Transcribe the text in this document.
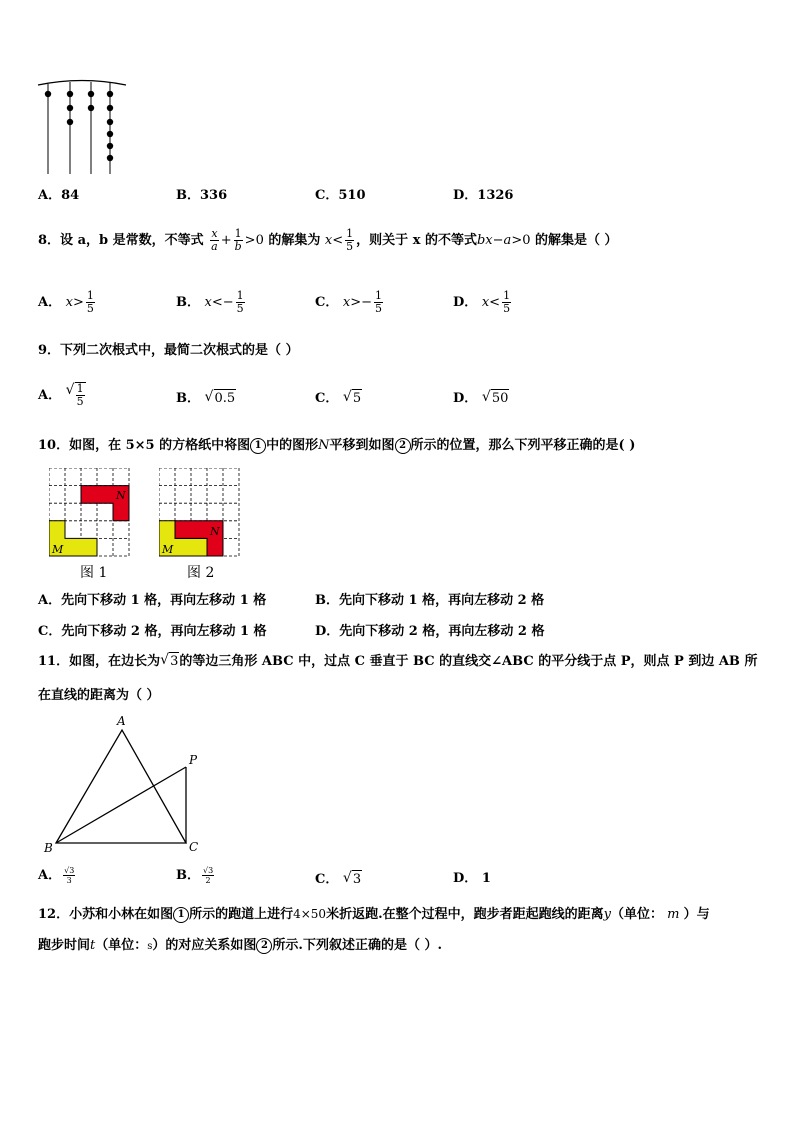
A．84	B．336	C．510	D．1326
8．设 a，b 是常数，不等式 $\frac{x}{a} + \frac{1}{b} >0$ 的解集为 $x< \frac{1}{5}$ ，则关于 x 的不等式bx−a>0 的解集是（ ）
A． $x> \frac{1}{5}$	B． $x<- \frac{1}{5}$	C． $x>- \frac{1}{5}$	D． $x< \frac{1}{5}$
9．下列二次根式中，最简二次根式的是（ ）
A． √ $\frac{1}{5}$	B． √ 0.5	C． √ 5	D． √ 50
10．如图，在 5×5 的方格纸中将图 1 中的图形N平移到如图 2 所示的位置，那么下列平移正确的是( )
N
M
N
M
图 1	图 2
A．先向下移动 1 格，再向左移动 1 格	B．先向下移动 1 格，再向左移动 2 格
C．先向下移动 2 格，再向左移动 1 格	D．先向下移动 2 格，再向左移动 2 格
11．如图，在边长为 √ 3的等边三角形 ABC 中，过点 C 垂直于 BC 的直线交∠ABC 的平分线于点 P，则点 P 到边 AB 所
在直线的距离为（ ）
A
B	C
P
A． $\frac{√3}{3}$	B． $\frac{√3}{2}$	C． √ 3	D． 1
12．小苏和小林在如图 1 所示的跑道上进行4×50米折返跑.在整个过程中，跑步者距起跑线的距离y（单位： m ）与
跑步时间t（单位：s）的对应关系如图 2 所示.下列叙述正确的是（ ）.
